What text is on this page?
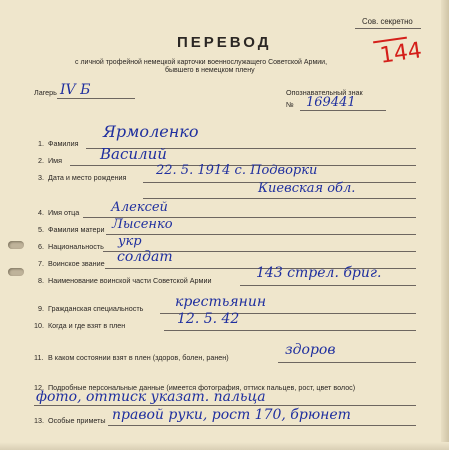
Сов. секретно
ПЕРЕВОД
с личной трофейной немецкой карточки военнослужащего Советской Армии,
бывшего в немецком плену
144
Лагерь IV Б	Опознавательный знак
№ 169441
1. Фамилия
Ярмоленко
2. Имя	Василий
3. Дата и место рождения 22. 5. 1914 с. Подворки
Киевская обл.
4. Имя отца Алексей
5. Фамилия матери Лысенко
6. Национальность укр
7. Воинское звание солдат
8. Наименование воинской части Советской Армии	143 стрел. бриг.
9. Гражданская специальность крестьянин
10. Когда и где взят в плен	12. 5. 42
11. В каком состоянии взят в плен (здоров, болен, ранен)	здоров
12. Подробные персональные данные (имеется фотография, оттиск пальцев, рост, цвет волос)
фото, оттиск указат. пальца
13. Особые приметы правой руки, рост 170, брюнет
